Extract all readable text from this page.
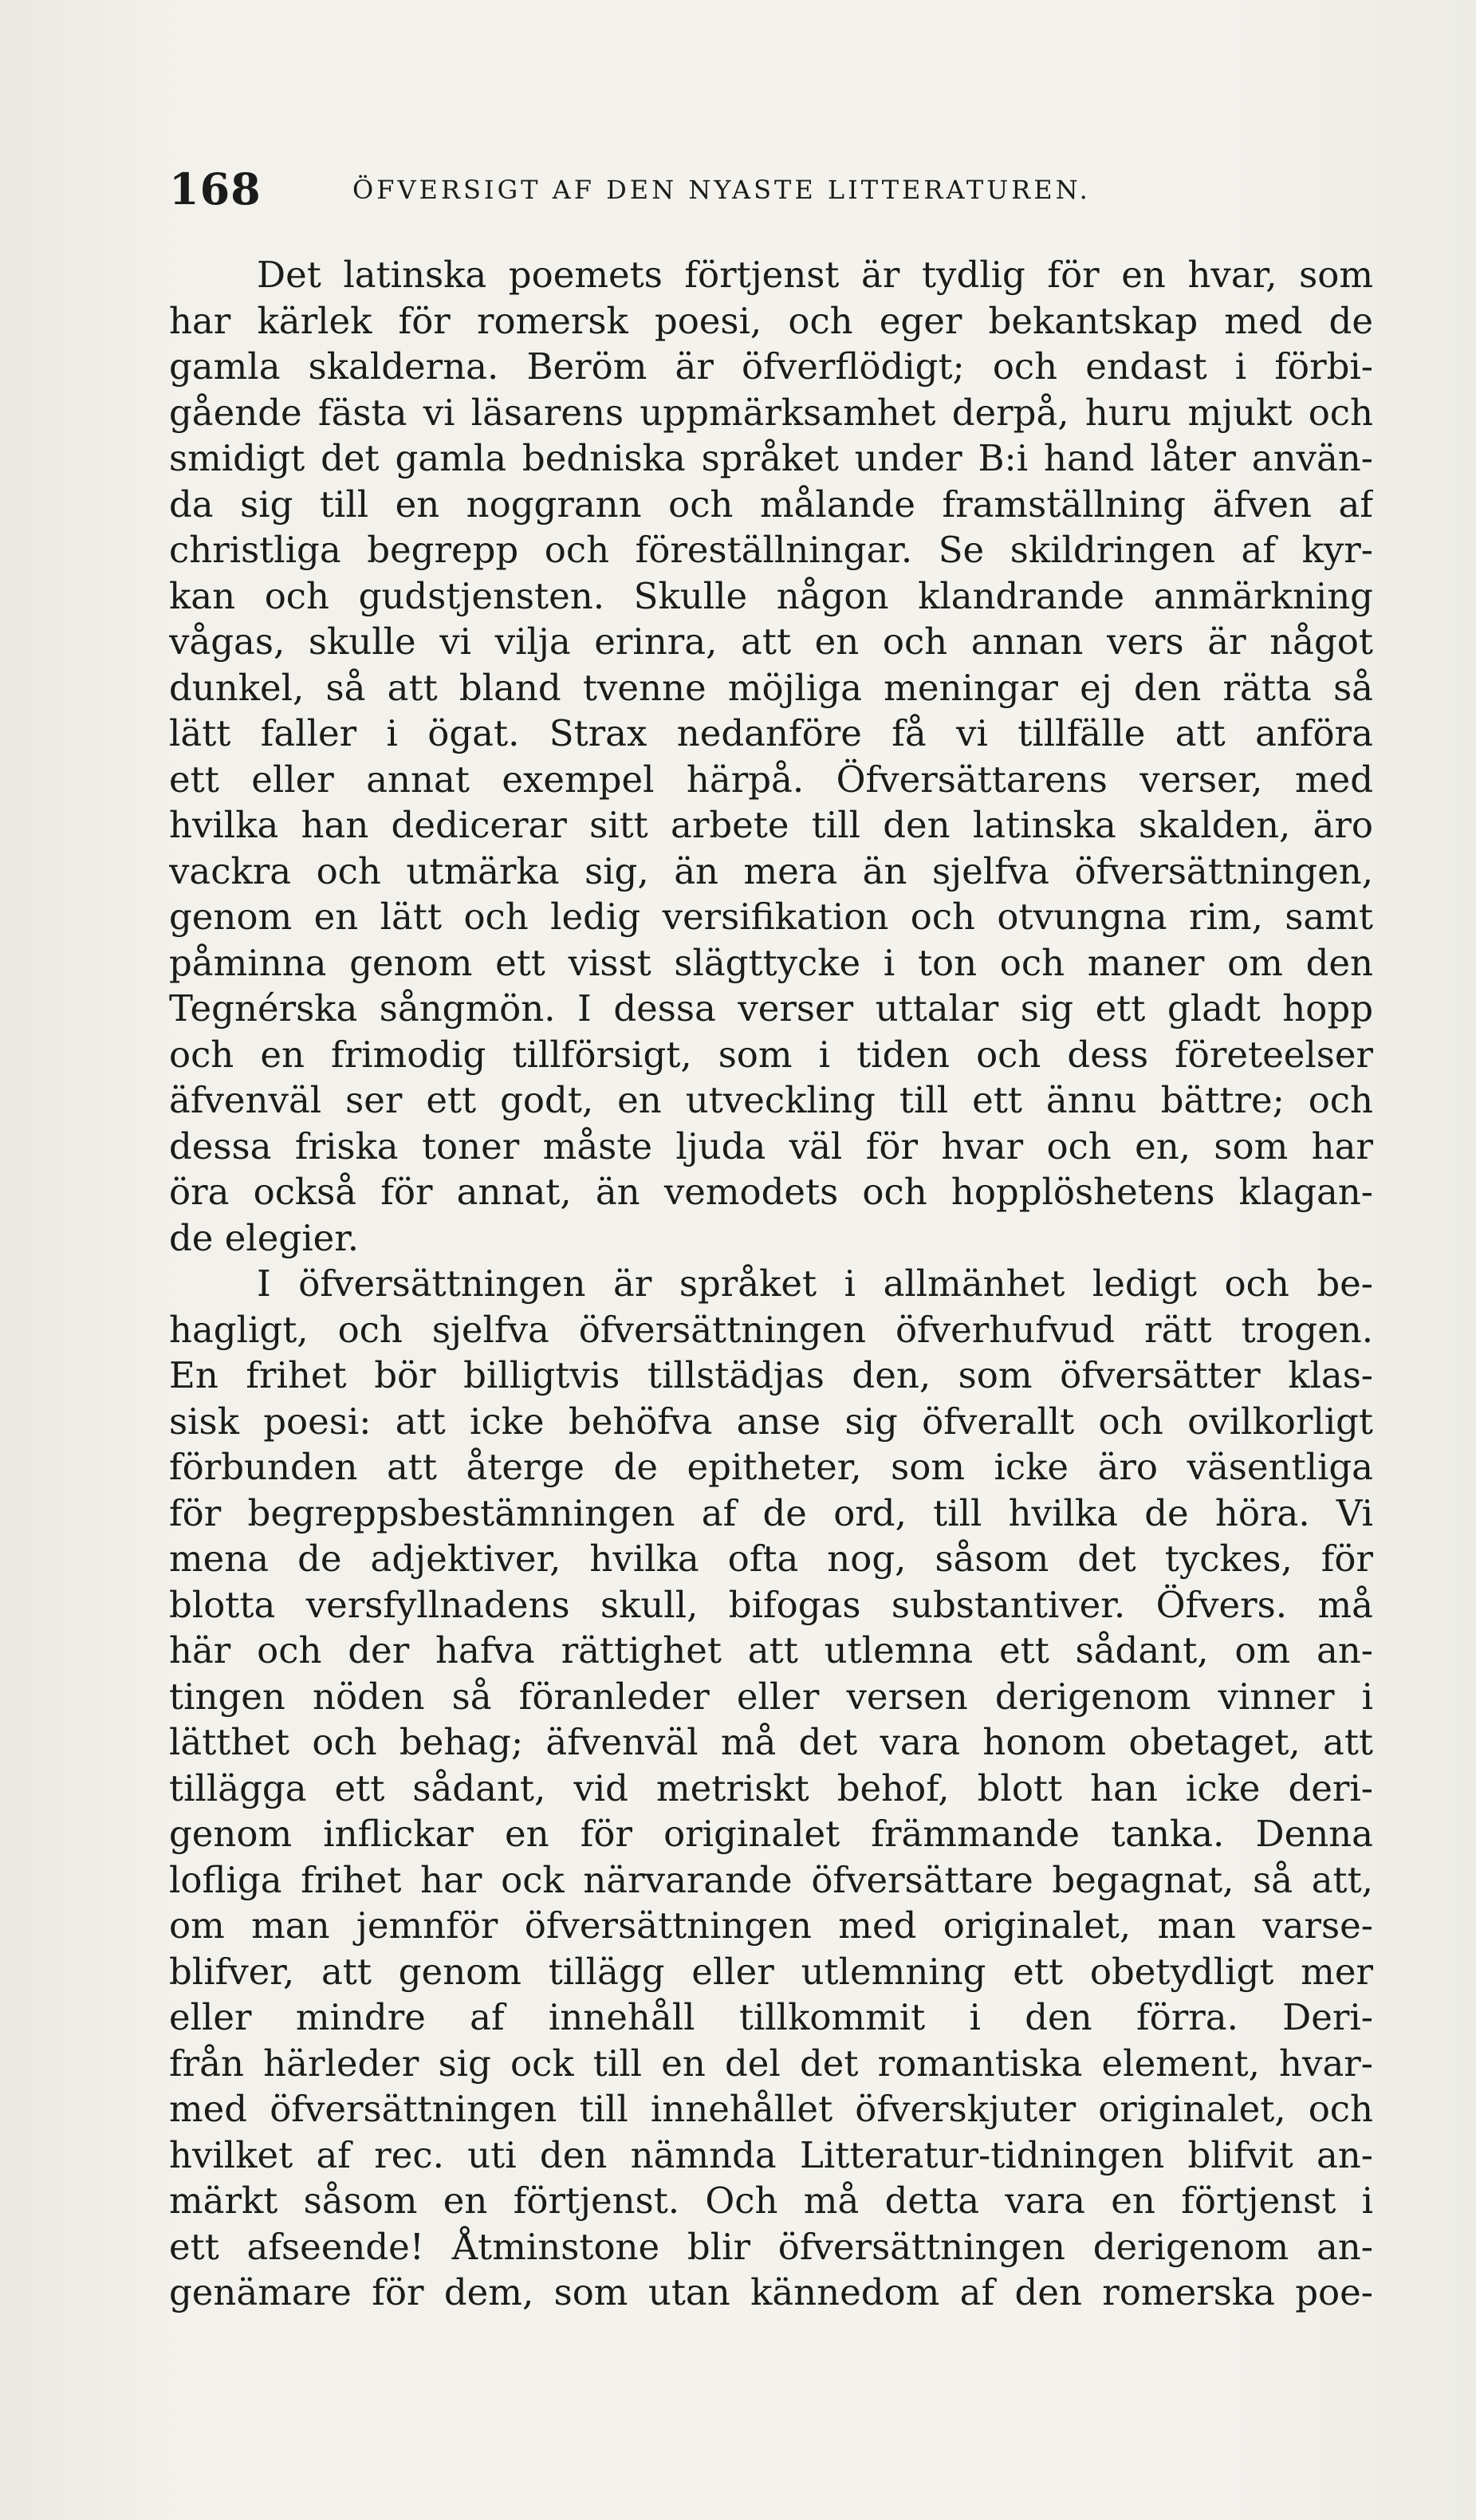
168	ÖFVERSIGT AF DEN NYASTE LITTERATUREN.
Det latinska poemets förtjenst är tydlig för en hvar, som
har kärlek för romersk poesi, och eger bekantskap med de
gamla skalderna. Beröm är öfverflödigt; och endast i förbi-
gående fästa vi läsarens uppmärksamhet derpå, huru mjukt och
smidigt det gamla bedniska språket under B:i hand låter använ-
da sig till en noggrann och målande framställning äfven af
christliga begrepp och föreställningar. Se skildringen af kyr-
kan och gudstjensten. Skulle någon klandrande anmärkning
vågas, skulle vi vilja erinra, att en och annan vers är något
dunkel, så att bland tvenne möjliga meningar ej den rätta så
lätt faller i ögat. Strax nedanföre få vi tillfälle att anföra
ett eller annat exempel härpå. Öfversättarens verser, med
hvilka han dedicerar sitt arbete till den latinska skalden, äro
vackra och utmärka sig, än mera än sjelfva öfversättningen,
genom en lätt och ledig versifikation och otvungna rim, samt
påminna genom ett visst slägttycke i ton och maner om den
Tegnérska sångmön. I dessa verser uttalar sig ett gladt hopp
och en frimodig tillförsigt, som i tiden och dess företeelser
äfvenväl ser ett godt, en utveckling till ett ännu bättre; och
dessa friska toner måste ljuda väl för hvar och en, som har
öra också för annat, än vemodets och hopplöshetens klagan-
de elegier.
I öfversättningen är språket i allmänhet ledigt och be-
hagligt, och sjelfva öfversättningen öfverhufvud rätt trogen.
En frihet bör billigtvis tillstädjas den, som öfversätter klas-
sisk poesi: att icke behöfva anse sig öfverallt och ovilkorligt
förbunden att återge de epitheter, som icke äro väsentliga
för begreppsbestämningen af de ord, till hvilka de höra. Vi
mena de adjektiver, hvilka ofta nog, såsom det tyckes, för
blotta versfyllnadens skull, bifogas substantiver. Öfvers. må
här och der hafva rättighet att utlemna ett sådant, om an-
tingen nöden så föranleder eller versen derigenom vinner i
lätthet och behag; äfvenväl må det vara honom obetaget, att
tillägga ett sådant, vid metriskt behof, blott han icke deri-
genom inflickar en för originalet främmande tanka. Denna
lofliga frihet har ock närvarande öfversättare begagnat, så att,
om man jemnför öfversättningen med originalet, man varse-
blifver, att genom tillägg eller utlemning ett obetydligt mer
eller mindre af innehåll tillkommit i den förra. Deri-
från härleder sig ock till en del det romantiska element, hvar-
med öfversättningen till innehållet öfverskjuter originalet, och
hvilket af rec. uti den nämnda Litteratur-tidningen blifvit an-
märkt såsom en förtjenst. Och må detta vara en förtjenst i
ett afseende! Åtminstone blir öfversättningen derigenom an-
genämare för dem, som utan kännedom af den romerska poe-
